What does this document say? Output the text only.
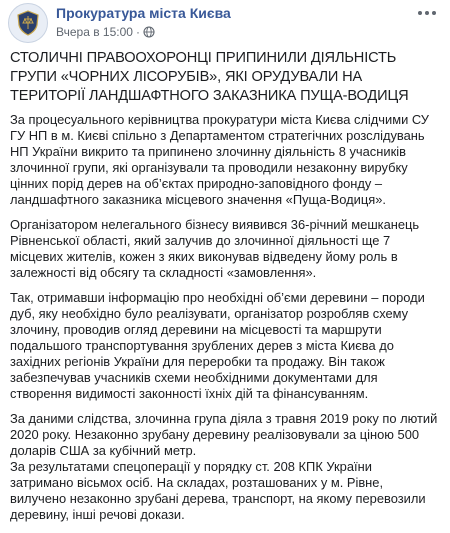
Прокуратура міста Києва
Вчера в 15:00 ·
СТОЛИЧНІ ПРАВООХОРОНЦІ ПРИПИНИЛИ ДІЯЛЬНІСТЬ ГРУПИ «ЧОРНИХ ЛІСОРУБІВ», ЯКІ ОРУДУВАЛИ НА ТЕРИТОРІЇ ЛАНДШАФТНОГО ЗАКАЗНИКА ПУЩА-ВОДИЦЯ

За процесуального керівництва прокуратури міста Києва слідчими СУ ГУ НП в м. Києві спільно з Департаментом стратегічних розслідувань НП України викрито та припинено злочинну діяльність 8 учасників злочинної групи, які організували та проводили незаконну вирубку цінних порід дерев на об’єктах природно-заповідного фонду – ландшафтного заказника місцевого значення «Пуща-Водиця».

Організатором нелегального бізнесу виявився 36-річний мешканець Рівненської області, який залучив до злочинної діяльності ще 7 місцевих жителів, кожен з яких виконував відведену йому роль в залежності від обсягу та складності «замовлення».

Так, отримавши інформацію про необхідні об’єми деревини – породи дуб, яку необхідно було реалізувати, організатор розробляв схему злочину, проводив огляд деревини на місцевості та маршрути подальшого транспортування зрублених дерев з міста Києва до західних регіонів України для переробки та продажу. Він також забезпечував учасників схеми необхідними документами для створення видимості законності їхніх дій та фінансуванням.

За даними слідства, злочинна група діяла з травня 2019 року по лютий 2020 року. Незаконно зрубану деревину реалізовували за ціною 500 доларів США за кубічний метр.

За результатами спецоперації у порядку ст. 208 КПК України затримано вісьмох осіб. На складах, розташованих у м. Рівне, вилучено незаконно зрубані дерева, транспорт, на якому перевозили деревину, інші речові докази.
